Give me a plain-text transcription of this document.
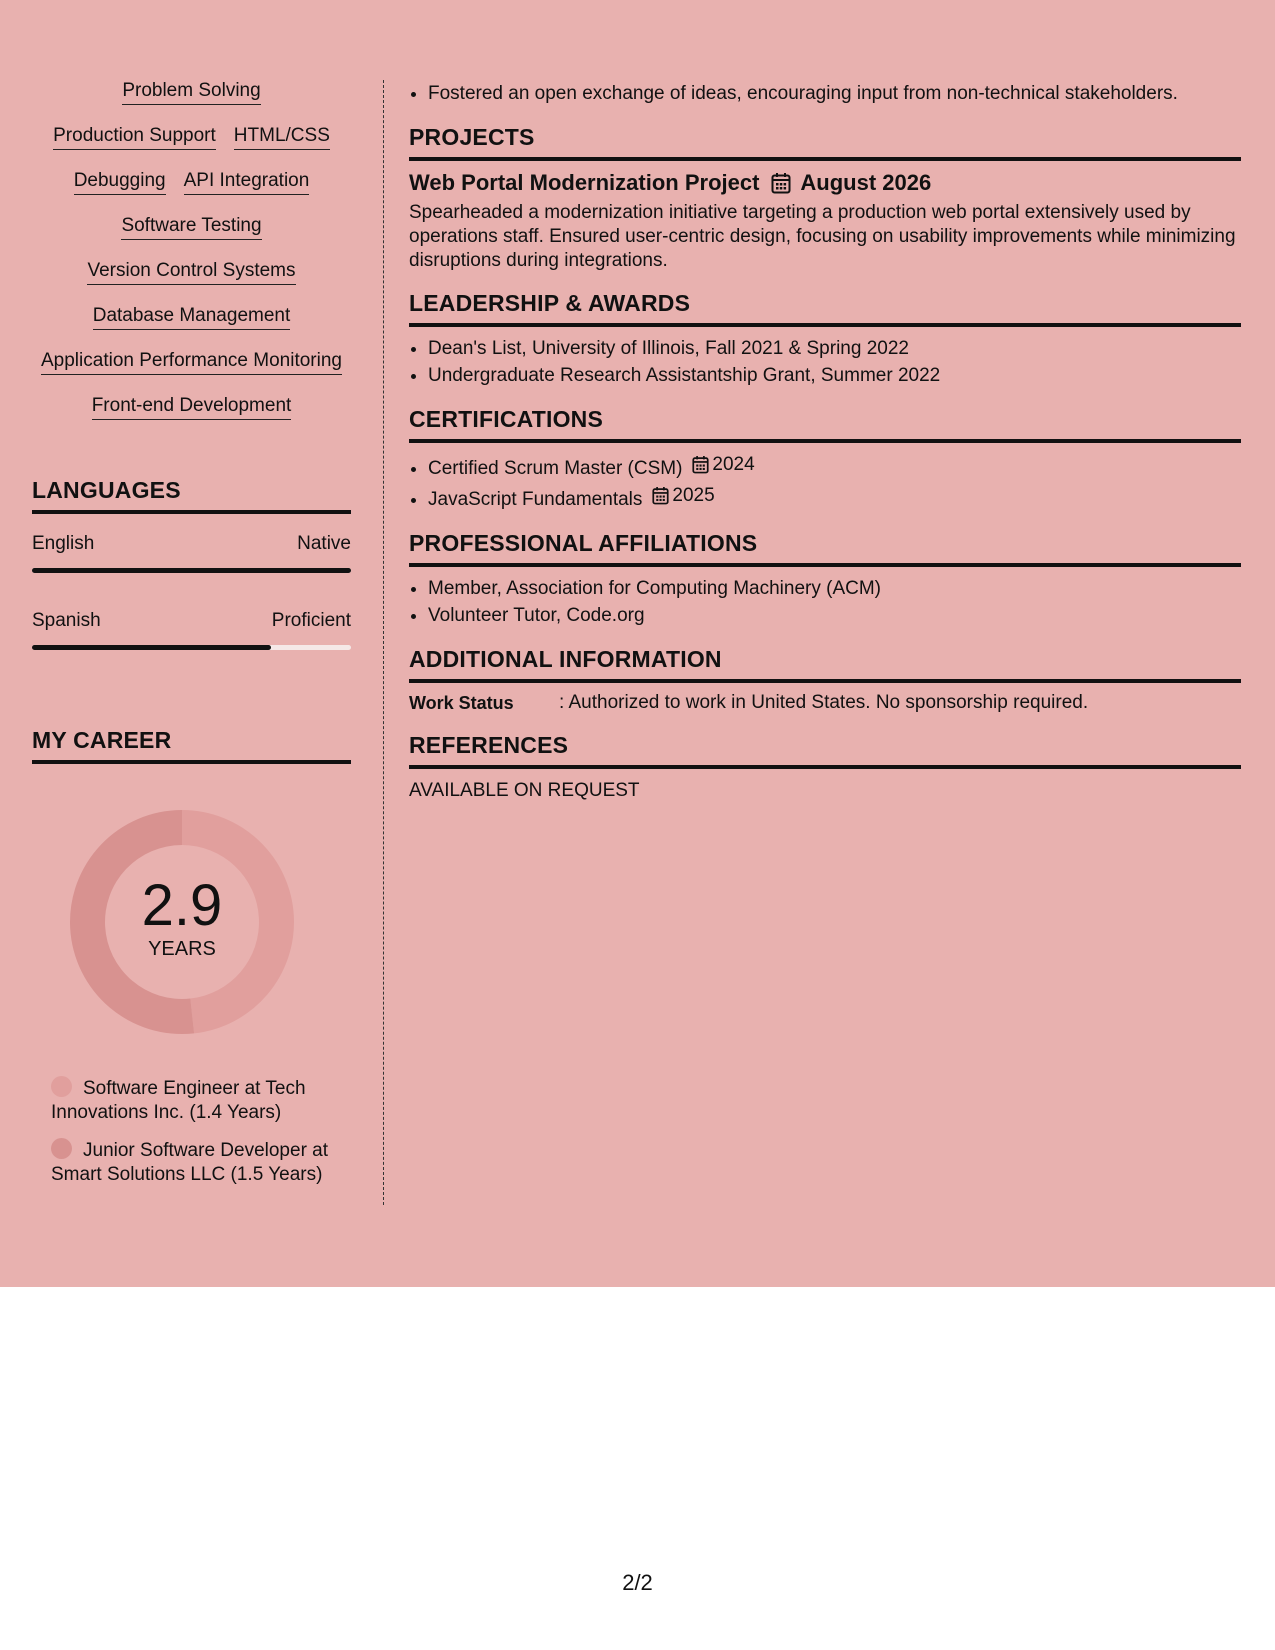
Problem Solving
Production Support HTML/CSS
Debugging API Integration
Software Testing
Version Control Systems
Database Management
Application Performance Monitoring
Front-end Development
LANGUAGES
English	Native
Spanish	Proficient
MY CAREER
2.9
YEARS
Software Engineer at Tech Innovations Inc. (1.4 Years)
Junior Software Developer at Smart Solutions LLC (1.5 Years)
• Fostered an open exchange of ideas, encouraging input from non-technical stakeholders.
PROJECTS
Web Portal Modernization Project August 2026
Spearheaded a modernization initiative targeting a production web portal extensively used by operations staff. Ensured user-centric design, focusing on usability improvements while minimizing disruptions during integrations.
LEADERSHIP & AWARDS
• Dean's List, University of Illinois, Fall 2021 & Spring 2022
• Undergraduate Research Assistantship Grant, Summer 2022
CERTIFICATIONS
• Certified Scrum Master (CSM) 2024
• JavaScript Fundamentals 2025
PROFESSIONAL AFFILIATIONS
• Member, Association for Computing Machinery (ACM)
• Volunteer Tutor, Code.org
ADDITIONAL INFORMATION
Work Status	: Authorized to work in United States. No sponsorship required.
REFERENCES
AVAILABLE ON REQUEST
2/2
